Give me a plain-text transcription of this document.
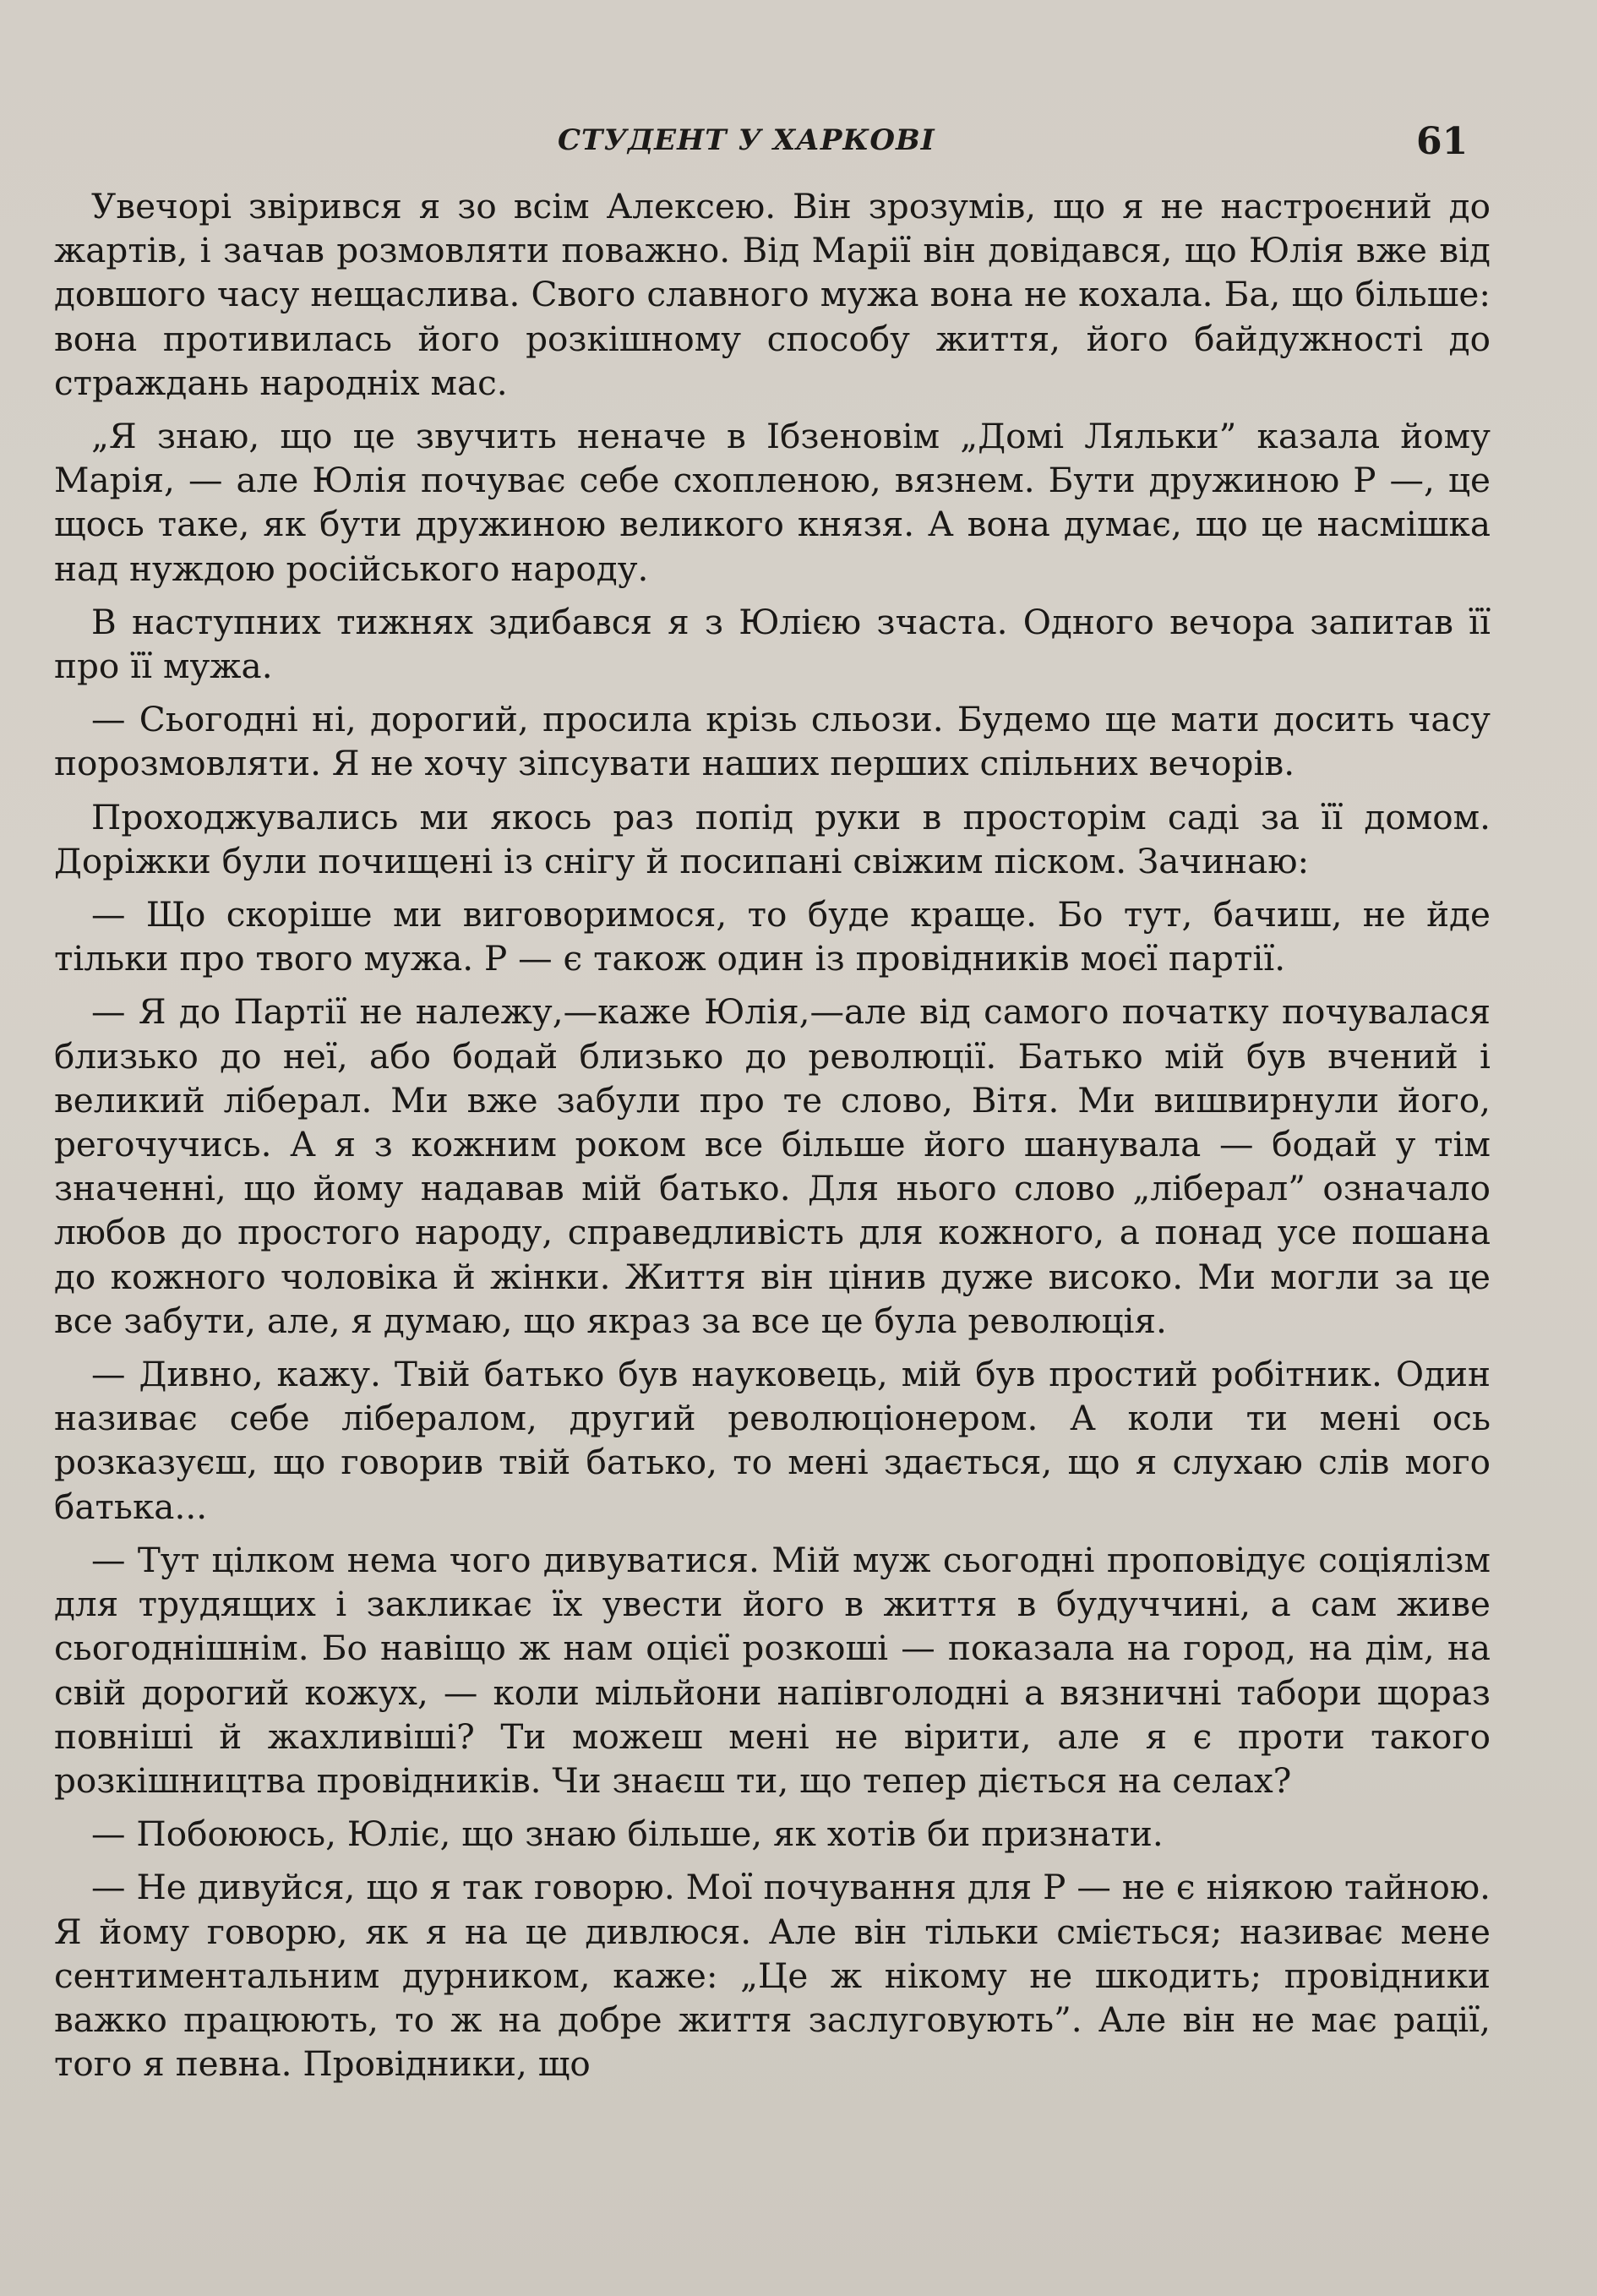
СТУДЕНТ У ХАРКОВІ	61

Увечорі звірився я зо всім Алексею. Він зрозумів, що я не настроєний до жартів, і зачав розмовляти поважно. Від Марії він довідався, що Юлія вже від довшого часу нещаслива. Свого славного мужа вона не кохала. Ба, що більше: вона противилась його розкішному способу життя, його байдужності до страждань народніх мас.

„Я знаю, що це звучить неначе в Ібзеновім „Домі Ляльки” казала йому Марія, — але Юлія почуває себе схопленою, вязнем. Бути дружиною Р —, це щось таке, як бути дружиною великого князя. А вона думає, що це насмішка над нуждою російського народу.

В наступних тижнях здибався я з Юлією зчаста. Одного вечора запитав її про її мужа.

— Сьогодні ні, дорогий, просила крізь сльози. Будемо ще мати досить часу порозмовляти. Я не хочу зіпсувати наших перших спільних вечорів.

Проходжувались ми якось раз попід руки в просторім саді за її домом. Доріжки були почищені із снігу й посипані свіжим піском. Зачинаю:

— Що скоріше ми виговоримося, то буде краще. Бо тут, бачиш, не йде тільки про твого мужа. Р — є також один із провідників моєї партії.

— Я до Партії не належу,—каже Юлія,—але від самого початку почувалася близько до неї, або бодай близько до революції. Батько мій був вчений і великий ліберал. Ми вже забули про те слово, Вітя. Ми вишвирнули його, регочучись. А я з кожним роком все більше його шанувала — бодай у тім значенні, що йому надавав мій батько. Для нього слово „ліберал” означало любов до простого народу, справедливість для кожного, а понад усе пошана до кожного чоловіка й жінки. Життя він цінив дуже високо. Ми могли за це все забути, але, я думаю, що якраз за все це була революція.

— Дивно, кажу. Твій батько був науковець, мій був простий робітник. Один називає себе лібералом, другий революціонером. А коли ти мені ось розказуєш, що говорив твій батько, то мені здається, що я слухаю слів мого батька...

— Тут цілком нема чого дивуватися. Мій муж сьогодні проповідує соціялізм для трудящих і закликає їх увести його в життя в будуччині, а сам живе сьогоднішнім. Бо навіщо ж нам оцієї розкоші — показала на город, на дім, на свій дорогий кожух, — коли мільйони напівголодні а вязничні табори щораз повніші й жахливіші? Ти можеш мені не вірити, але я є проти такого розкішництва провідників. Чи знаєш ти, що тепер діється на селах?

— Побоююсь, Юліє, що знаю більше, як хотів би признати.

— Не дивуйся, що я так говорю. Мої почування для Р — не є ніякою тайною. Я йому говорю, як я на це дивлюся. Але він тільки сміється; називає мене сентиментальним дурником, каже: „Це ж нікому не шкодить; провідники важко працюють, то ж на добре життя заслуговують”. Але він не має рації, того я певна. Провідники, що
